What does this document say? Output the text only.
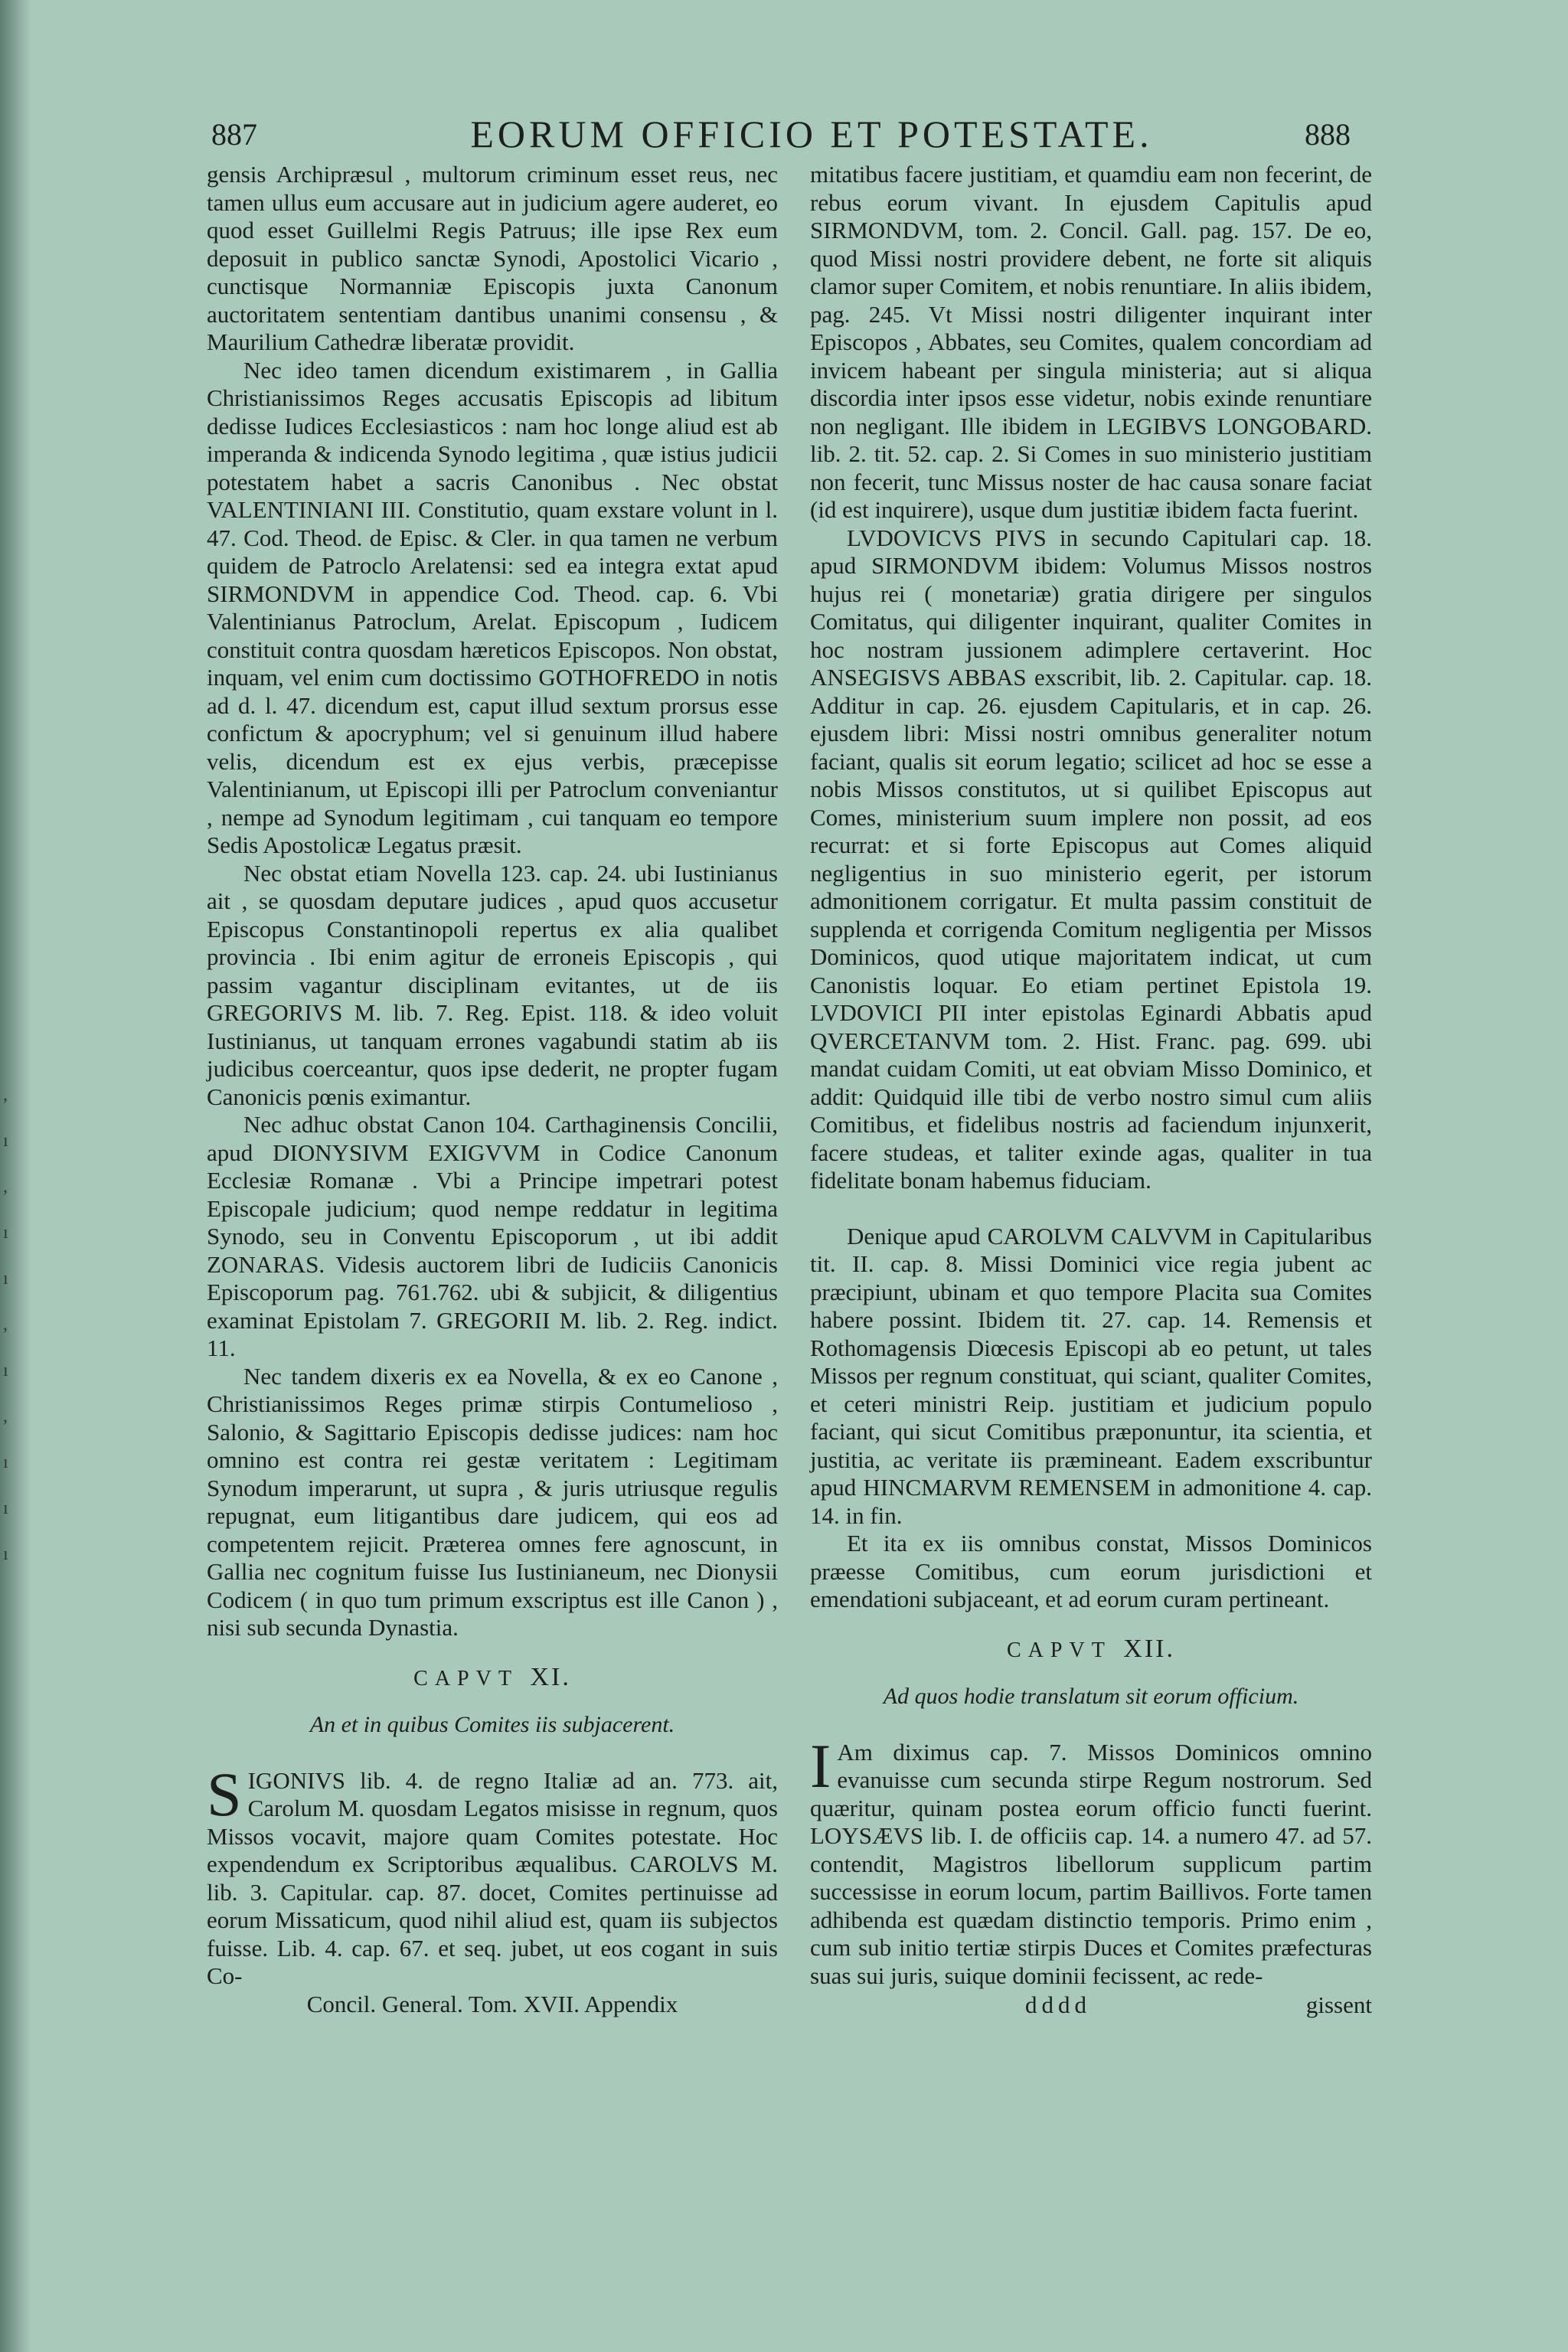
,
ı
,
ı
ı
,
ı
,
ı
ı
ı
887	EORUM OFFICIO ET POTESTATE.	888

gensis Archipræsul , multorum criminum esset reus, nec tamen ullus eum accusare aut in judicium agere auderet, eo quod esset Guillelmi Regis Patruus; ille ipse Rex eum deposuit in publico sanctæ Synodi, Apostolici Vicario , cunctisque Normanniæ Episcopis juxta Canonum auctoritatem sententiam dantibus unanimi consensu , & Maurilium Cathedræ liberatæ providit.

Nec ideo tamen dicendum existimarem , in Gallia Christianissimos Reges accusatis Episcopis ad libitum dedisse Iudices Ecclesiasticos : nam hoc longe aliud est ab imperanda & indicenda Synodo legitima , quæ istius judicii potestatem habet a sacris Canonibus . Nec obstat VALENTINIANI III. Constitutio, quam exstare volunt in l. 47. Cod. Theod. de Episc. & Cler. in qua tamen ne verbum quidem de Patroclo Arelatensi: sed ea integra extat apud SIRMONDVM in appendice Cod. Theod. cap. 6. Vbi Valentinianus Patroclum, Arelat. Episcopum , Iudicem constituit contra quosdam hæreticos Episcopos. Non obstat, inquam, vel enim cum doctissimo GOTHOFREDO in notis ad d. l. 47. dicendum est, caput illud sextum prorsus esse confictum & apocryphum; vel si genuinum illud habere velis, dicendum est ex ejus verbis, præcepisse Valentinianum, ut Episcopi illi per Patroclum conveniantur , nempe ad Synodum legitimam , cui tanquam eo tempore Sedis Apostolicæ Legatus præsit.

Nec obstat etiam Novella 123. cap. 24. ubi Iustinianus ait , se quosdam deputare judices , apud quos accusetur Episcopus Constantinopoli repertus ex alia qualibet provincia . Ibi enim agitur de erroneis Episcopis , qui passim vagantur disciplinam evitantes, ut de iis GREGORIVS M. lib. 7. Reg. Epist. 118. & ideo voluit Iustinianus, ut tanquam errones vagabundi statim ab iis judicibus coerceantur, quos ipse dederit, ne propter fugam Canonicis pœnis eximantur.

Nec adhuc obstat Canon 104. Carthaginensis Concilii, apud DIONYSIVM EXIGVVM in Codice Canonum Ecclesiæ Romanæ . Vbi a Principe impetrari potest Episcopale judicium; quod nempe reddatur in legitima Synodo, seu in Conventu Episcoporum , ut ibi addit ZONARAS. Videsis auctorem libri de Iudiciis Canonicis Episcoporum pag. 761.762. ubi & subjicit, & diligentius examinat Epistolam 7. GREGORII M. lib. 2. Reg. indict. 11.

Nec tandem dixeris ex ea Novella, & ex eo Canone , Christianissimos Reges primæ stirpis Contumelioso , Salonio, & Sagittario Episcopis dedisse judices: nam hoc omnino est contra rei gestæ veritatem : Legitimam Synodum imperarunt, ut supra , & juris utriusque regulis repugnat, eum litigantibus dare judicem, qui eos ad competentem rejicit. Præterea omnes fere agnoscunt, in Gallia nec cognitum fuisse Ius Iustinianeum, nec Dionysii Codicem ( in quo tum primum exscriptus est ille Canon ) , nisi sub secunda Dynastia.

CAPVT XI.
An et in quibus Comites iis subjacerent.

SIGONIVS lib. 4. de regno Italiæ ad an. 773. ait, Carolum M. quosdam Legatos misisse in regnum, quos Missos vocavit, majore quam Comites potestate. Hoc expendendum ex Scriptoribus æqualibus. CAROLVS M. lib. 3. Capitular. cap. 87. docet, Comites pertinuisse ad eorum Missaticum, quod nihil aliud est, quam iis subjectos fuisse. Lib. 4. cap. 67. et seq. jubet, ut eos cogant in suis Co-

Concil. General. Tom. XVII. Appendix

mitatibus facere justitiam, et quamdiu eam non fecerint, de rebus eorum vivant. In ejusdem Capitulis apud SIRMONDVM, tom. 2. Concil. Gall. pag. 157. De eo, quod Missi nostri providere debent, ne forte sit aliquis clamor super Comitem, et nobis renuntiare. In aliis ibidem, pag. 245. Vt Missi nostri diligenter inquirant inter Episcopos , Abbates, seu Comites, qualem concordiam ad invicem habeant per singula ministeria; aut si aliqua discordia inter ipsos esse videtur, nobis exinde renuntiare non negligant. Ille ibidem in LEGIBVS LONGOBARD. lib. 2. tit. 52. cap. 2. Si Comes in suo ministerio justitiam non fecerit, tunc Missus noster de hac causa sonare faciat (id est inquirere), usque dum justitiæ ibidem facta fuerint.

LVDOVICVS PIVS in secundo Capitulari cap. 18. apud SIRMONDVM ibidem: Volumus Missos nostros hujus rei ( monetariæ) gratia dirigere per singulos Comitatus, qui diligenter inquirant, qualiter Comites in hoc nostram jussionem adimplere certaverint. Hoc ANSEGISVS ABBAS exscribit, lib. 2. Capitular. cap. 18. Additur in cap. 26. ejusdem Capitularis, et in cap. 26. ejusdem libri: Missi nostri omnibus generaliter notum faciant, qualis sit eorum legatio; scilicet ad hoc se esse a nobis Missos constitutos, ut si quilibet Episcopus aut Comes, ministerium suum implere non possit, ad eos recurrat: et si forte Episcopus aut Comes aliquid negligentius in suo ministerio egerit, per istorum admonitionem corrigatur. Et multa passim constituit de supplenda et corrigenda Comitum negligentia per Missos Dominicos, quod utique majoritatem indicat, ut cum Canonistis loquar. Eo etiam pertinet Epistola 19. LVDOVICI PII inter epistolas Eginardi Abbatis apud QVERCETANVM tom. 2. Hist. Franc. pag. 699. ubi mandat cuidam Comiti, ut eat obviam Misso Dominico, et addit: Quidquid ille tibi de verbo nostro simul cum aliis Comitibus, et fidelibus nostris ad faciendum injunxerit, facere studeas, et taliter exinde agas, qualiter in tua fidelitate bonam habemus fiduciam.

Denique apud CAROLVM CALVVM in Capitularibus tit. II. cap. 8. Missi Dominici vice regia jubent ac præcipiunt, ubinam et quo tempore Placita sua Comites habere possint. Ibidem tit. 27. cap. 14. Remensis et Rothomagensis Diœcesis Episcopi ab eo petunt, ut tales Missos per regnum constituat, qui sciant, qualiter Comites, et ceteri ministri Reip. justitiam et judicium populo faciant, qui sicut Comitibus præponuntur, ita scientia, et justitia, ac veritate iis præmineant. Eadem exscribuntur apud HINCMARVM REMENSEM in admonitione 4. cap. 14. in fin.

Et ita ex iis omnibus constat, Missos Dominicos præesse Comitibus, cum eorum jurisdictioni et emendationi subjaceant, et ad eorum curam pertineant.

CAPVT XII.
Ad quos hodie translatum sit eorum officium.

I Am diximus cap. 7. Missos Dominicos omnino evanuisse cum secunda stirpe Regum nostrorum. Sed quæritur, quinam postea eorum officio functi fuerint. LOYSÆVS lib. I. de officiis cap. 14. a numero 47. ad 57. contendit, Magistros libellorum supplicum partim successisse in eorum locum, partim Baillivos. Forte tamen adhibenda est quædam distinctio temporis. Primo enim , cum sub initio tertiæ stirpis Duces et Comites præfecturas suas sui juris, suique dominii fecissent, ac rede-

dddd	gissent
